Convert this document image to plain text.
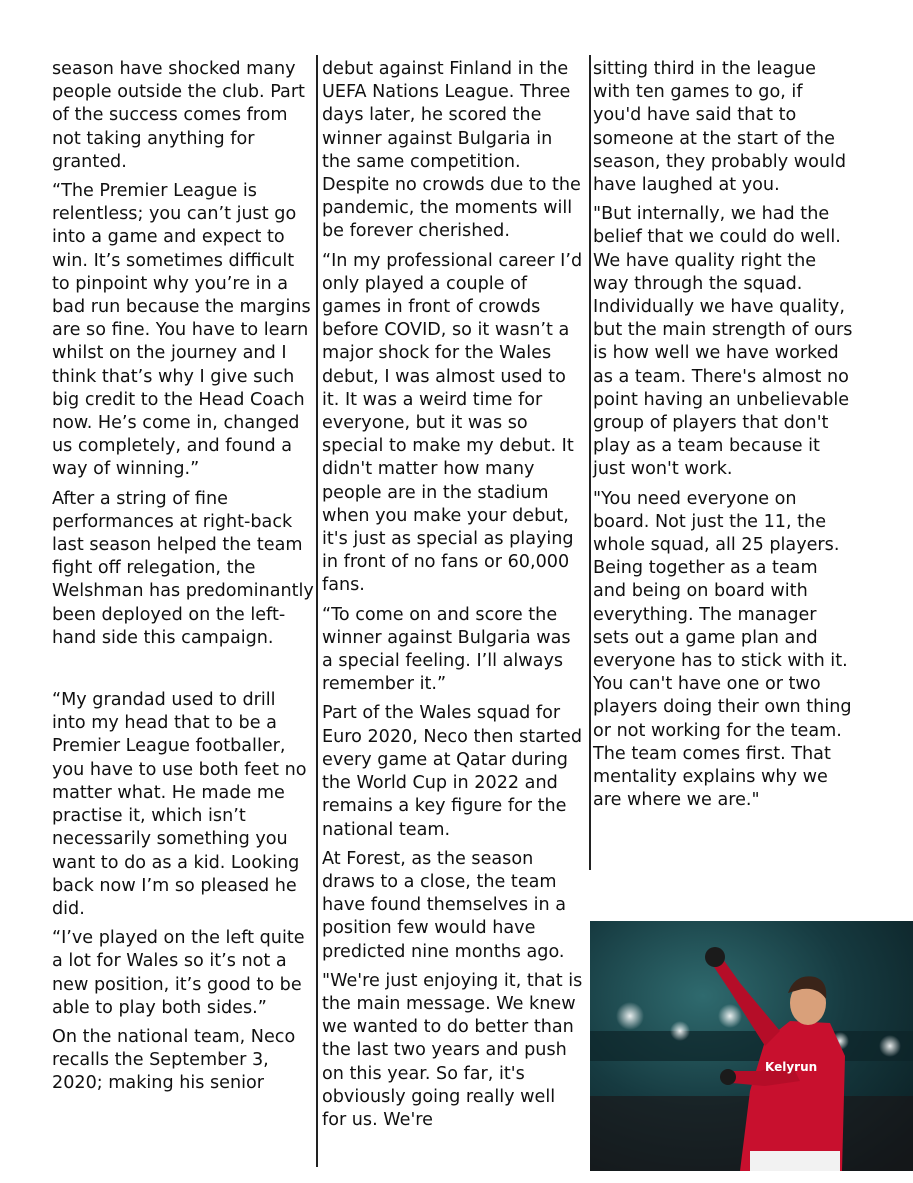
season have shocked many people outside the club. Part of the success comes from not taking anything for granted.

“The Premier League is relentless; you can’t just go into a game and expect to win. It’s sometimes difficult to pinpoint why you’re in a bad run because the margins are so fine. You have to learn whilst on the journey and I think that’s why I give such big credit to the Head Coach now. He’s come in, changed us completely, and found a way of winning.”

After a string of fine performances at right-back last season helped the team fight off relegation, the Welshman has predominantly been deployed on the left-hand side this campaign.

“My grandad used to drill into my head that to be a Premier League footballer, you have to use both feet no matter what. He made me practise it, which isn’t necessarily something you want to do as a kid. Looking back now I’m so pleased he did.

“I’ve played on the left quite a lot for Wales so it’s not a new position, it’s good to be able to play both sides.”

On the national team, Neco recalls the September 3, 2020; making his senior

debut against Finland in the UEFA Nations League. Three days later, he scored the winner against Bulgaria in the same competition. Despite no crowds due to the pandemic, the moments will be forever cherished.

“In my professional career I’d only played a couple of games in front of crowds before COVID, so it wasn’t a major shock for the Wales debut, I was almost used to it. It was a weird time for everyone, but it was so special to make my debut. It didn't matter how many people are in the stadium when you make your debut, it's just as special as playing in front of no fans or 60,000 fans.

“To come on and score the winner against Bulgaria was a special feeling. I’ll always remember it.”

Part of the Wales squad for Euro 2020, Neco then started every game at Qatar during the World Cup in 2022 and remains a key figure for the national team.

At Forest, as the season draws to a close, the team have found themselves in a position few would have predicted nine months ago.

"We're just enjoying it, that is the main message. We knew we wanted to do better than the last two years and push on this year. So far, it's obviously going really well for us. We're

sitting third in the league with ten games to go, if you'd have said that to someone at the start of the season, they probably would have laughed at you.

"But internally, we had the belief that we could do well. We have quality right the way through the squad. Individually we have quality, but the main strength of ours is how well we have worked as a team. There's almost no point having an unbelievable group of players that don't play as a team because it just won't work.

"You need everyone on board. Not just the 11, the whole squad, all 25 players. Being together as a team and being on board with everything. The manager sets out a game plan and everyone has to stick with it. You can't have one or two players doing their own thing or not working for the team. The team comes first. That mentality explains why we are where we are."

Kelyrun
